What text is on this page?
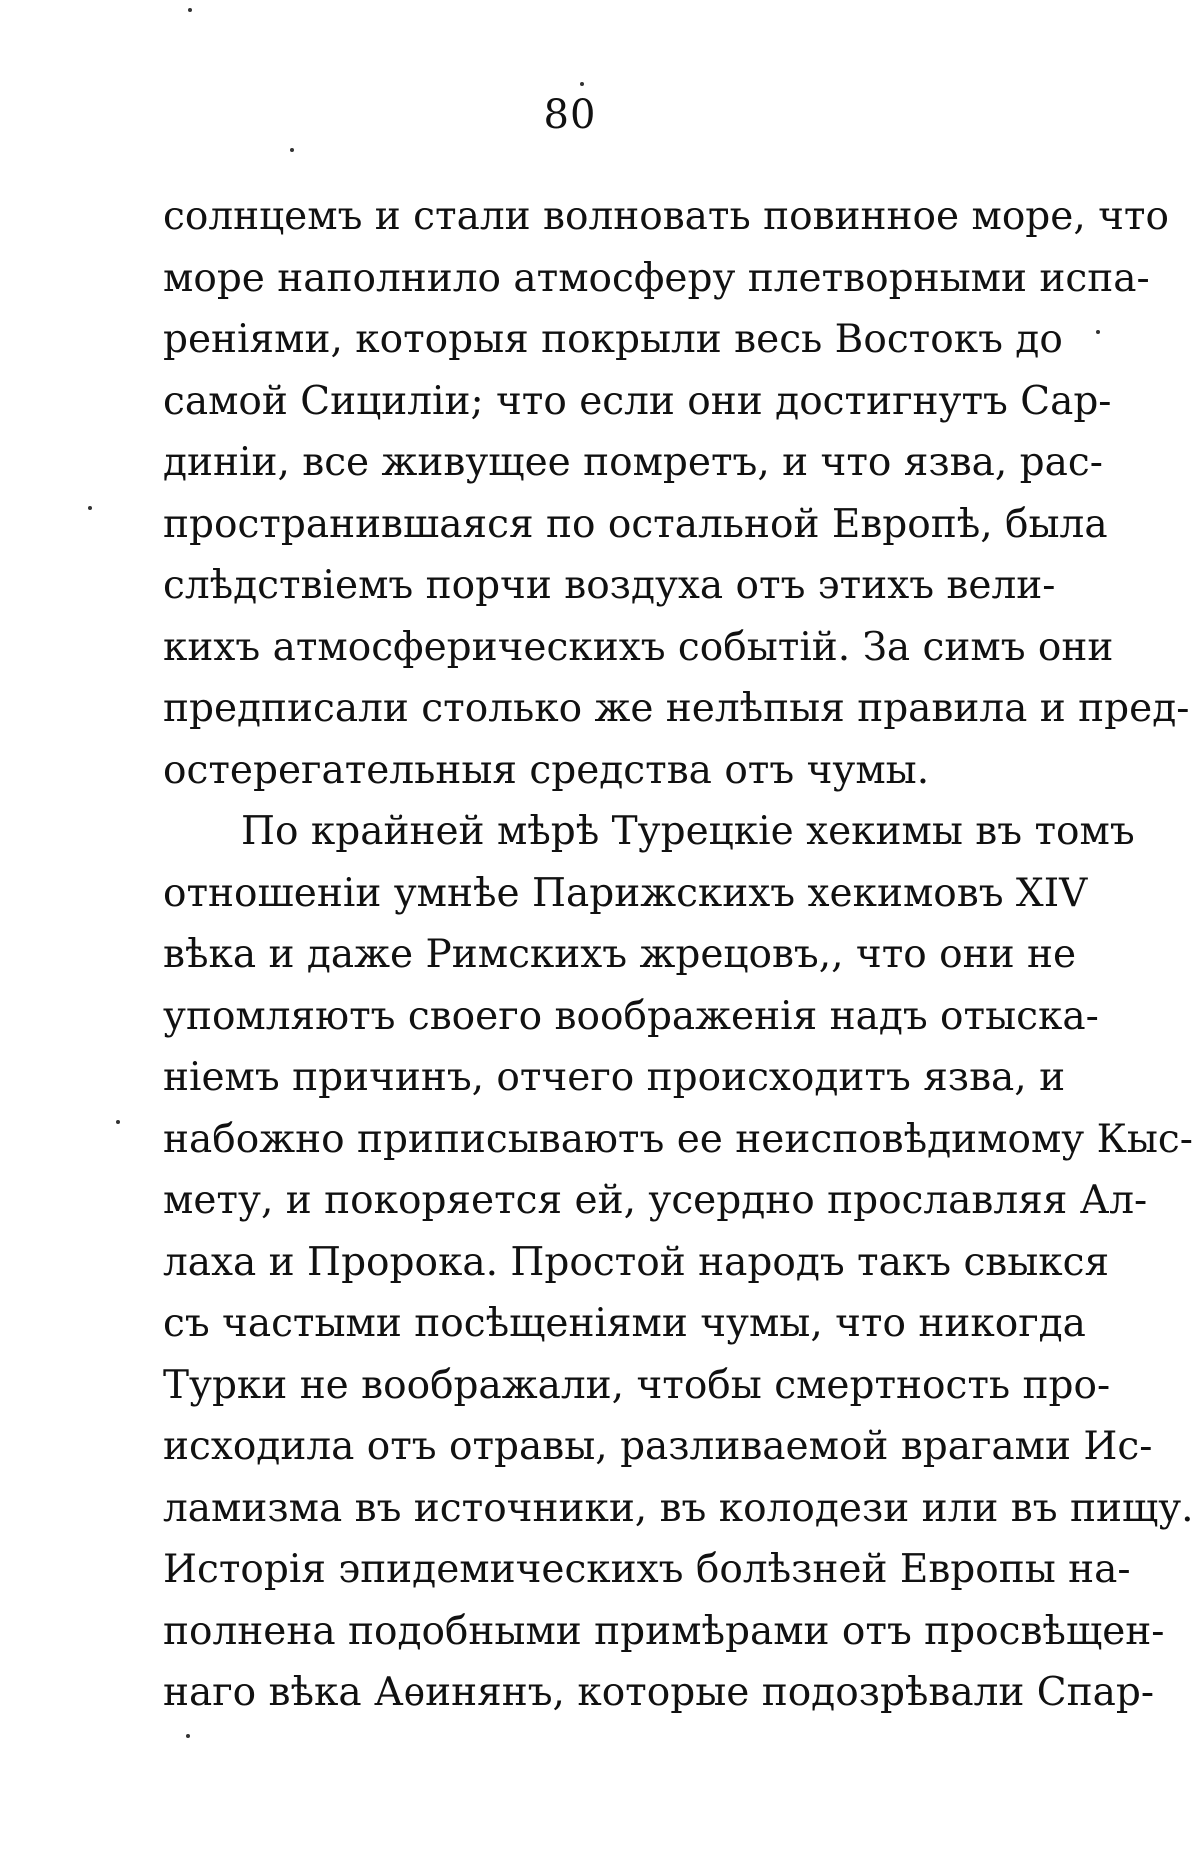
80
солнцемъ и стали волновать повинное море, что
море наполнило атмосферу плетворными испа-
реніями, которыя покрыли весь Востокъ до
самой Сициліи; что если они достигнутъ Сар-
диніи, все живущее помретъ, и что язва, рас-
пространившаяся по остальной Европѣ, была
слѣдствіемъ порчи воздуха отъ этихъ вели-
кихъ атмосферическихъ событій. За симъ они
предписали столько же нелѣпыя правила и пред-
остерегательныя средства отъ чумы.
По крайней мѣрѣ Турецкіе хекимы въ томъ
отношеніи умнѣе Парижскихъ хекимовъ XIV
вѣка и даже Римскихъ жрецовъ,, что они не
упомляютъ своего воображенія надъ отыска-
ніемъ причинъ, отчего происходитъ язва, и
набожно приписываютъ ее неисповѣдимому Кыс-
мету, и покоряется ей, усердно прославляя Ал-
лаха и Пророка. Простой народъ такъ свыкся
съ частыми посѣщеніями чумы, что никогда
Турки не воображали, чтобы смертность про-
исходила отъ отравы, разливаемой врагами Ис-
ламизма въ источники, въ колодези или въ пищу.
Исторія эпидемическихъ болѣзней Европы на-
полнена подобными примѣрами отъ просвѣщен-
наго вѣка Аѳинянъ, которые подозрѣвали Спар-
